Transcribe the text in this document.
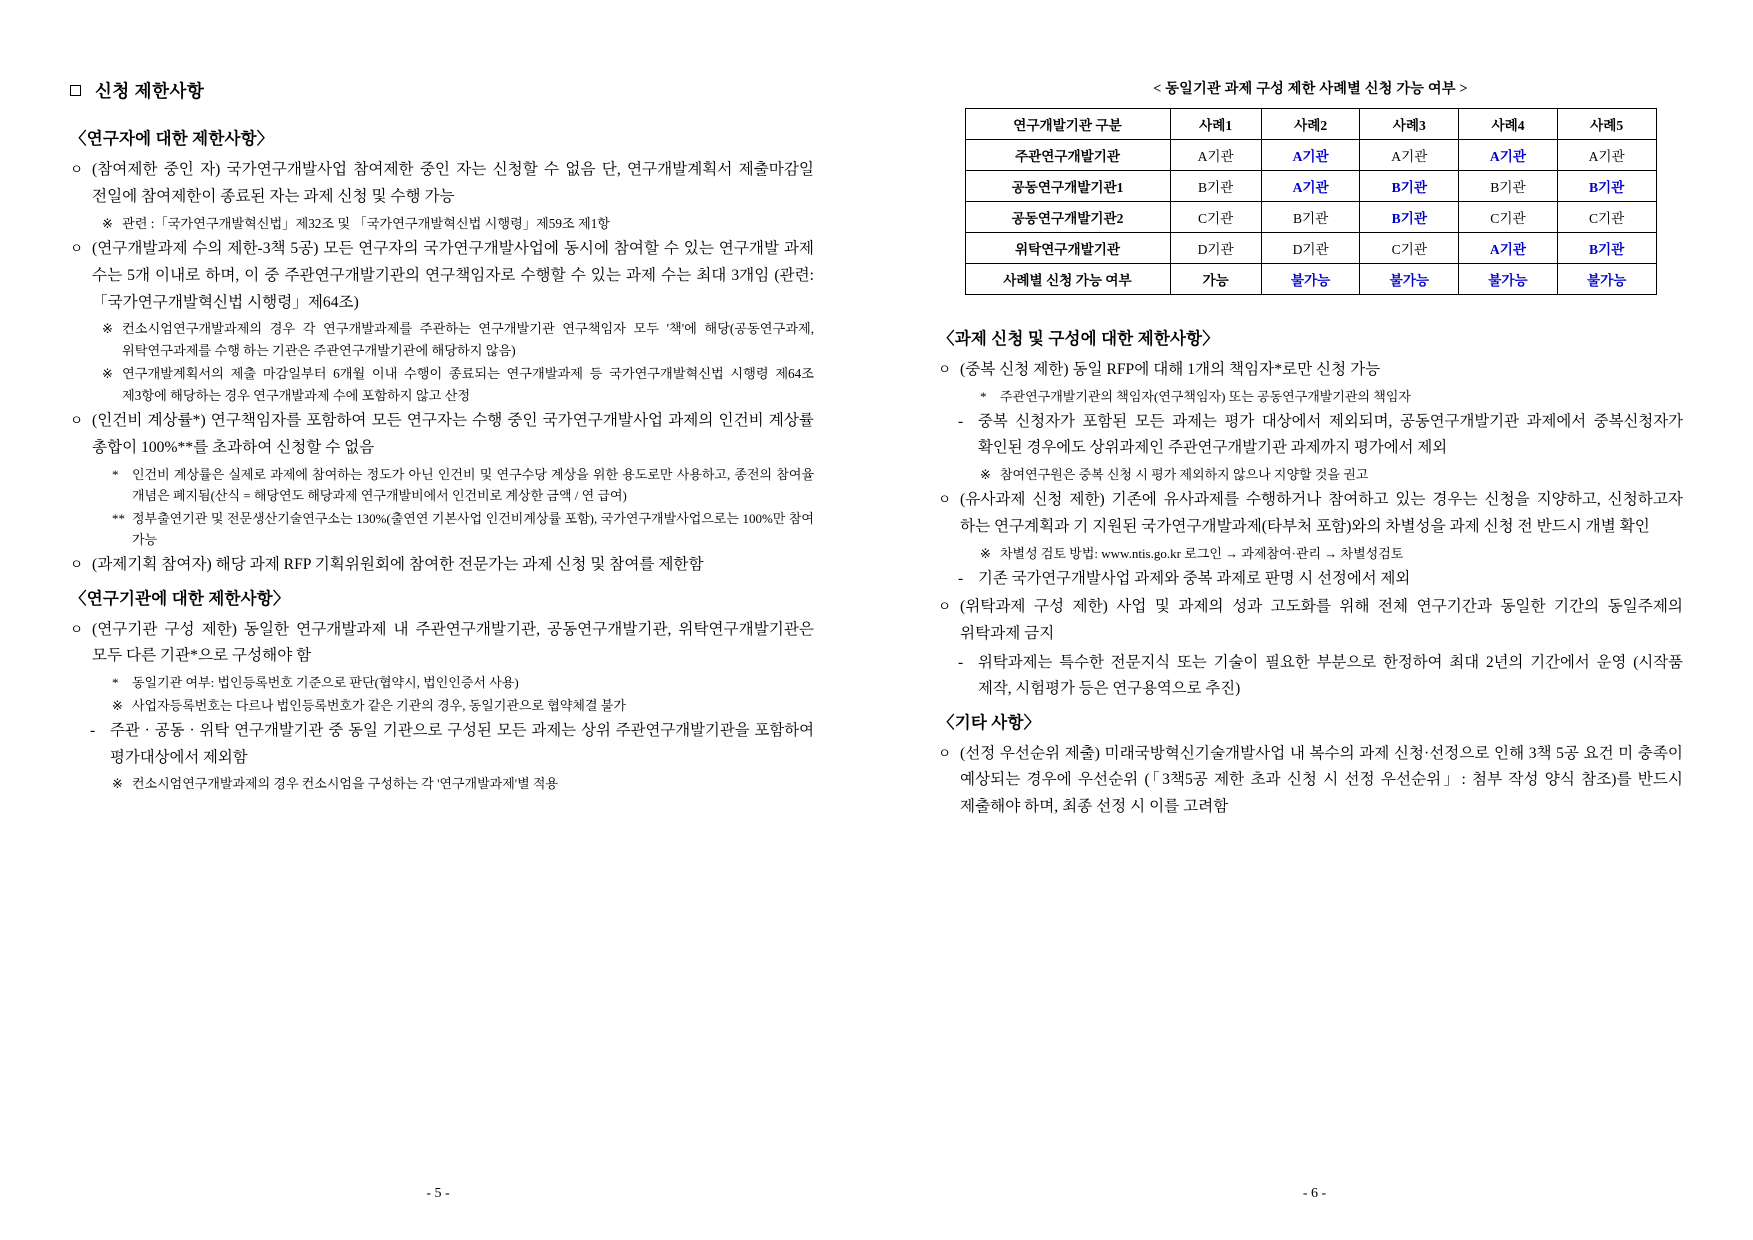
신청 제한사항
〈연구자에 대한 제한사항〉
ㅇ (참여제한 중인 자) 국가연구개발사업 참여제한 중인 자는 신청할 수 없음 단, 연구개발계획서 제출마감일 전일에 참여제한이 종료된 자는 과제 신청 및 수행 가능
※ 관련 :「국가연구개발혁신법」제32조 및 「국가연구개발혁신법 시행령」제59조 제1항
ㅇ (연구개발과제 수의 제한-3책 5공) 모든 연구자의 국가연구개발사업에 동시에 참여할 수 있는 연구개발 과제 수는 5개 이내로 하며, 이 중 주관연구개발기관의 연구책임자로 수행할 수 있는 과제 수는 최대 3개임 (관련: 「국가연구개발혁신법 시행령」제64조)
※ 컨소시엄연구개발과제의 경우 각 연구개발과제를 주관하는 연구개발기관 연구책임자 모두 '책'에 해당(공동연구과제, 위탁연구과제를 수행 하는 기관은 주관연구개발기관에 해당하지 않음)
※ 연구개발계획서의 제출 마감일부터 6개월 이내 수행이 종료되는 연구개발과제 등 국가연구개발혁신법 시행령 제64조 제3항에 해당하는 경우 연구개발과제 수에 포함하지 않고 산정
ㅇ (인건비 계상률*) 연구책임자를 포함하여 모든 연구자는 수행 중인 국가연구개발사업 과제의 인건비 계상률 총합이 100%**를 초과하여 신청할 수 없음
*	인건비 계상률은 실제로 과제에 참여하는 정도가 아닌 인건비 및 연구수당 계상을 위한 용도로만 사용하고, 종전의 참여율 개념은 폐지됨(산식 = 해당연도 해당과제 연구개발비에서 인건비로 계상한 금액 / 연 급여)
** 정부출연기관 및 전문생산기술연구소는 130%(출연연 기본사업 인건비계상률 포함), 국가연구개발사업으로는 100%만 참여 가능
ㅇ (과제기획 참여자) 해당 과제 RFP 기획위원회에 참여한 전문가는 과제 신청 및 참여를 제한함
〈연구기관에 대한 제한사항〉
ㅇ (연구기관 구성 제한) 동일한 연구개발과제 내 주관연구개발기관, 공동연구개발기관, 위탁연구개발기관은 모두 다른 기관*으로 구성해야 함
*	동일기관 여부: 법인등록번호 기준으로 판단(협약시, 법인인증서 사용)
※ 사업자등록번호는 다르나 법인등록번호가 같은 기관의 경우, 동일기관으로 협약체결 불가
- 주관 · 공동 · 위탁 연구개발기관 중 동일 기관으로 구성된 모든 과제는 상위 주관연구개발기관을 포함하여 평가대상에서 제외함
※ 컨소시엄연구개발과제의 경우 컨소시엄을 구성하는 각 '연구개발과제'별 적용
- 5 -
< 동일기관 과제 구성 제한 사례별 신청 가능 여부 >
연구개발기관 구분	사례1	사례2	사례3	사례4	사례5
주관연구개발기관	A기관	A기관	A기관	A기관	A기관
공동연구개발기관1	B기관	A기관	B기관	B기관	B기관
공동연구개발기관2	C기관	B기관	B기관	C기관	C기관
위탁연구개발기관	D기관	D기관	C기관	A기관	B기관
사례별 신청 가능 여부	가능	불가능	불가능	불가능	불가능
〈과제 신청 및 구성에 대한 제한사항〉
ㅇ (중복 신청 제한) 동일 RFP에 대해 1개의 책임자*로만 신청 가능
*	주관연구개발기관의 책임자(연구책임자) 또는 공동연구개발기관의 책임자
- 중복 신청자가 포함된 모든 과제는 평가 대상에서 제외되며, 공동연구개발기관 과제에서 중복신청자가 확인된 경우에도 상위과제인 주관연구개발기관 과제까지 평가에서 제외
※ 참여연구원은 중복 신청 시 평가 제외하지 않으나 지양할 것을 권고
ㅇ (유사과제 신청 제한) 기존에 유사과제를 수행하거나 참여하고 있는 경우는 신청을 지양하고, 신청하고자 하는 연구계획과 기 지원된 국가연구개발과제(타부처 포함)와의 차별성을 과제 신청 전 반드시 개별 확인
※ 차별성 검토 방법: www.ntis.go.kr 로그인 → 과제참여·관리 → 차별성검토
- 기존 국가연구개발사업 과제와 중복 과제로 판명 시 선정에서 제외
ㅇ (위탁과제 구성 제한) 사업 및 과제의 성과 고도화를 위해 전체 연구기간과 동일한 기간의 동일주제의 위탁과제 금지
- 위탁과제는 특수한 전문지식 또는 기술이 필요한 부분으로 한정하여 최대 2년의 기간에서 운영 (시작품 제작, 시험평가 등은 연구용역으로 추진)
〈기타 사항〉
ㅇ (선정 우선순위 제출) 미래국방혁신기술개발사업 내 복수의 과제 신청·선정으로 인해 3책 5공 요건 미 충족이 예상되는 경우에 우선순위 (「3책5공 제한 초과 신청 시 선정 우선순위」: 첨부 작성 양식 참조)를 반드시 제출해야 하며, 최종 선정 시 이를 고려함
- 6 -
